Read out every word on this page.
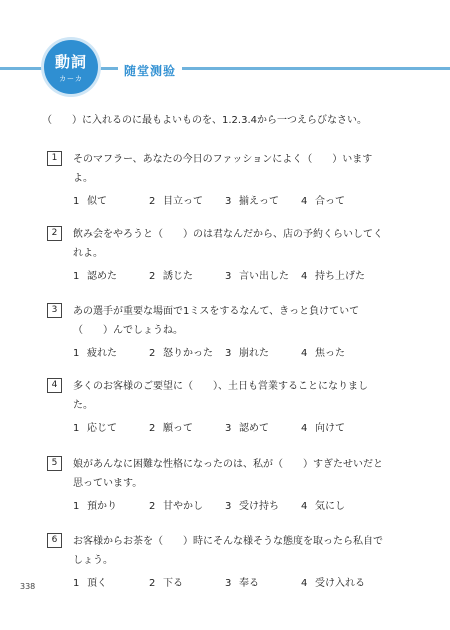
動詞
カーカ
随堂测验
（　　）に入れるのに最もよいものを、1.2.3.4から一つえらびなさい。
1	そのマフラー、あなたの今日のファッションによく（　　）いますよ。
1 似て	2 目立って 3 揃えって 4 合って
2	飲み会をやろうと（　　）のは君なんだから、店の予約くらいしてくれよ。
1 認めた	2 誘じた	3 言い出した 4 持ち上げた
3	あの選手が重要な場面で1ミスをするなんて、きっと負けていて（　　）んでしょうね。
1 疲れた	2 怒りかった 3 崩れた	4 焦った
4	多くのお客様のご要望に（　　）、土日も営業することになりました。
1 応じて	2 願って	3 認めて	4 向けて
5	娘があんなに困難な性格になったのは、私が（　　）すぎたせいだと思っています。
1 預かり	2 甘やかし 3 受け持ち 4 気にし
6	お客様からお茶を（　　）時にそんな様そうな態度を取ったら私自でしょう。
1 頂く	2 下る	3 奉る	4 受け入れる
338
